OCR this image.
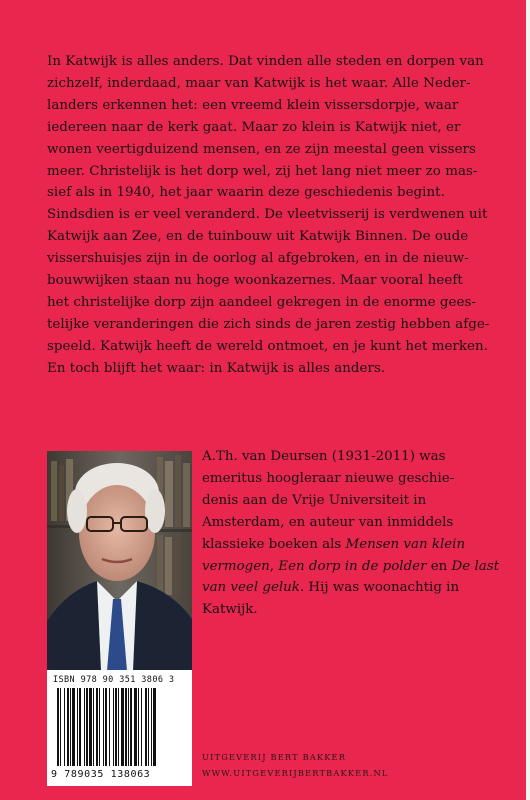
In Katwijk is alles anders. Dat vinden alle steden en dorpen van
zichzelf, inderdaad, maar van Katwijk is het waar. Alle Neder-
landers erkennen het: een vreemd klein vissersdorpje, waar
iedereen naar de kerk gaat. Maar zo klein is Katwijk niet, er
wonen veertigduizend mensen, en ze zijn meestal geen vissers
meer. Christelijk is het dorp wel, zij het lang niet meer zo mas-
sief als in 1940, het jaar waarin deze geschiedenis begint.
Sindsdien is er veel veranderd. De vleetvisserij is verdwenen uit
Katwijk aan Zee, en de tuinbouw uit Katwijk Binnen. De oude
vissershuisjes zijn in de oorlog al afgebroken, en in de nieuw-
bouwwijken staan nu hoge woonkazernes. Maar vooral heeft
het christelijke dorp zijn aandeel gekregen in de enorme gees-
telijke veranderingen die zich sinds de jaren zestig hebben afge-
speeld. Katwijk heeft de wereld ontmoet, en je kunt het merken.
En toch blijft het waar: in Katwijk is alles anders.
A.Th. van Deursen (1931-2011) was
emeritus hoogleraar nieuwe geschie-
denis aan de Vrije Universiteit in
Amsterdam, en auteur van inmiddels
klassieke boeken als Mensen van klein
vermogen, Een dorp in de polder en De last
van veel geluk. Hij was woonachtig in
Katwijk.
ISBN 978 90 351 3806 3
9 789035 138063
UITGEVERIJ BERT BAKKER
WWW.UITGEVERIJBERTBAKKER.NL
